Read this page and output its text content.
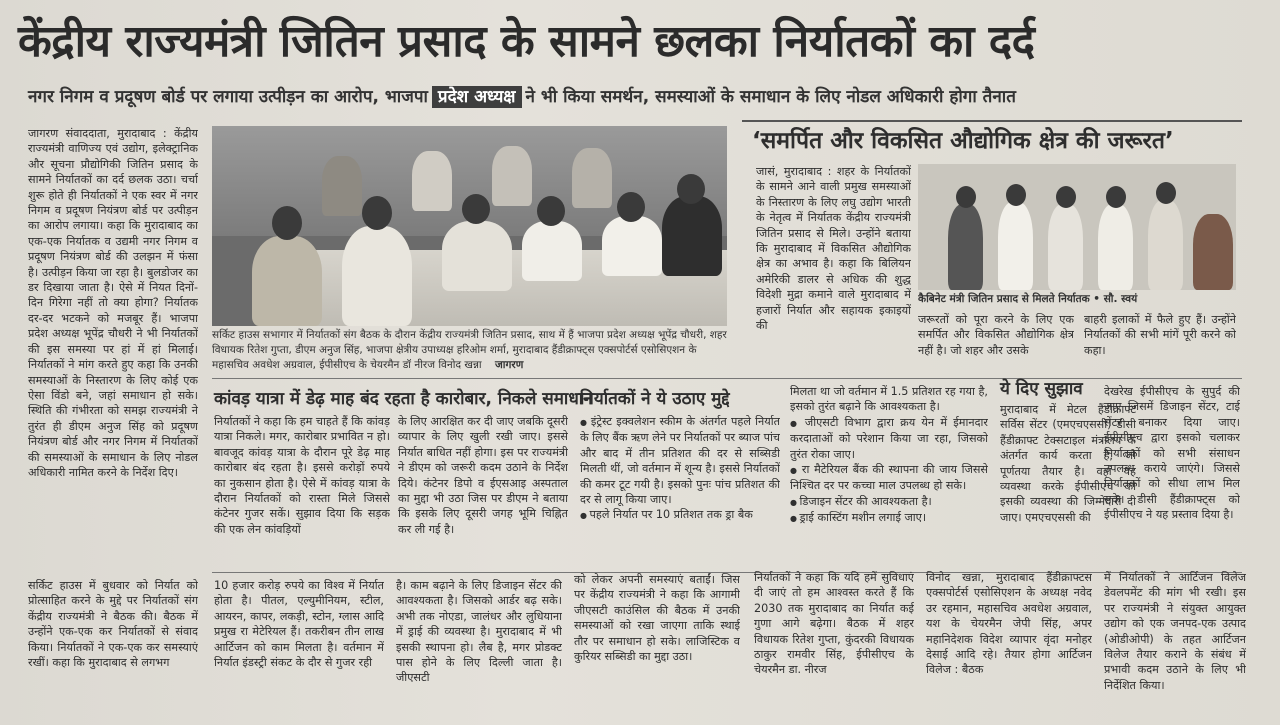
केंद्रीय राज्यमंत्री जितिन प्रसाद के सामने छलका निर्यातकों का दर्द
नगर निगम व प्रदूषण बोर्ड पर लगाया उत्पीड़न का आरोप, भाजपा प्रदेश अध्यक्ष ने भी किया समर्थन, समस्याओं के समाधान के लिए नोडल अधिकारी होगा तैनात
जागरण संवाददाता, मुरादाबाद : केंद्रीय राज्यमंत्री वाणिज्य एवं उद्योग, इलेक्ट्रानिक और सूचना प्रौद्योगिकी जितिन प्रसाद के सामने निर्यातकों का दर्द छलक उठा। चर्चा शुरू होते ही निर्यातकों ने एक स्वर में नगर निगम व प्रदूषण नियंत्रण बोर्ड पर उत्पीड़न का आरोप लगाया। कहा कि मुरादाबाद का एक-एक निर्यातक व उद्यमी नगर निगम व प्रदूषण नियंत्रण बोर्ड की उलझन में फंसा है। उत्पीड़न किया जा रहा है। बुलडोजर का डर दिखाया जाता है। ऐसे में नियत दिनों-दिन गिरेगा नहीं तो क्या होगा? निर्यातक दर-दर भटकने को मजबूर हैं। भाजपा प्रदेश अध्यक्ष भूपेंद्र चौधरी ने भी निर्यातकों की इस समस्या पर हां में हां मिलाई। निर्यातकों ने मांग करते हुए कहा कि उनकी समस्याओं के निस्तारण के लिए कोई एक ऐसा विंडो बने, जहां समाधान हो सके। स्थिति की गंभीरता को समझ राज्यमंत्री ने तुरंत ही डीएम अनुज सिंह को प्रदूषण नियंत्रण बोर्ड और नगर निगम में निर्यातकों की समस्याओं के समाधान के लिए नोडल अधिकारी नामित करने के निर्देश दिए।
सर्किट हाउस में बुधवार को निर्यात को प्रोत्साहित करने के मुद्दे पर निर्यातकों संग केंद्रीय राज्यमंत्री ने बैठक की। बैठक में उन्होंने एक-एक कर निर्यातकों से संवाद किया। निर्यातकों ने एक-एक कर समस्याएं रखीं। कहा कि मुरादाबाद से लगभग
सर्किट हाउस सभागार में निर्यातकों संग बैठक के दौरान केंद्रीय राज्यमंत्री जितिन प्रसाद, साथ में हैं भाजपा प्रदेश अध्यक्ष भूपेंद्र चौधरी, शहर विधायक रितेश गुप्ता, डीएम अनुज सिंह, भाजपा क्षेत्रीय उपाध्यक्ष हरिओम शर्मा, मुरादाबाद हैंडीक्राफ्ट्स एक्सपोर्टर्स एसोसिएशन के महासचिव अवधेश अग्रवाल, ईपीसीएच के चेयरमैन डॉ नीरज विनोद खन्ना जागरण
‘समर्पित और विकसित औद्योगिक क्षेत्र की जरूरत’
जासं, मुरादाबाद : शहर के निर्यातकों के सामने आने वाली प्रमुख समस्याओं के निस्तारण के लिए लघु उद्योग भारती के नेतृत्व में निर्यातक केंद्रीय राज्यमंत्री जितिन प्रसाद से मिले। उन्होंने बताया कि मुरादाबाद में विकसित औद्योगिक क्षेत्र का अभाव है। कहा कि बिलियन अमेरिकी डालर से अधिक की शुद्ध विदेशी मुद्रा कमाने वाले मुरादाबाद में हजारों निर्यात और सहायक इकाइयों की
कैबिनेट मंत्री जितिन प्रसाद से मिलते निर्यातक • सौ. स्वयं
जरूरतों को पूरा करने के लिए एक समर्पित और विकसित औद्योगिक क्षेत्र नहीं है। जो शहर और उसके
बाहरी इलाकों में फैले हुए हैं। उन्होंने निर्यातकों की सभी मांगें पूरी करने को कहा।
कांवड़ यात्रा में डेढ़ माह बंद रहता है कारोबार, निकले समाधान
निर्यातकों ने कहा कि हम चाहते हैं कि कांवड़ यात्रा निकले। मगर, कारोबार प्रभावित न हो। बावजूद कांवड़ यात्रा के दौरान पूरे डेढ़ माह कारोबार बंद रहता है। इससे करोड़ों रुपये का नुकसान होता है। ऐसे में कांवड़ यात्रा के दौरान निर्यातकों को रास्ता मिले जिससे कंटेनर गुजर सकें। सुझाव दिया कि सड़क की एक लेन कांवड़ियों
के लिए आरक्षित कर दी जाए जबकि दूसरी व्यापार के लिए खुली रखी जाए। इससे निर्यात बाधित नहीं होगा। इस पर राज्यमंत्री ने डीएम को जरूरी कदम उठाने के निर्देश दिये। कंटेनर डिपो व ईएसआइ अस्पताल का मुद्दा भी उठा जिस पर डीएम ने बताया कि इसके लिए दूसरी जगह भूमि चिह्नित कर ली गई है।
निर्यातकों ने ये उठाए मुद्दे
● इंट्रेस्ट इक्वलेशन स्कीम के अंतर्गत पहले निर्यात के लिए बैंक ऋण लेने पर निर्यातकों पर ब्याज पांच और बाद में तीन प्रतिशत की दर से सब्सिडी मिलती थीं, जो वर्तमान में शून्य है। इससे निर्यातकों की कमर टूट गयी है। इसको पुनः पांच प्रतिशत की दर से लागू किया जाए।
● पहले निर्यात पर 10 प्रतिशत तक ड्रा बैक
मिलता था जो वर्तमान में 1.5 प्रतिशत रह गया है, इसको तुरंत बढ़ाने कि आवश्यकता है।
● जीएसटी विभाग द्वारा क्रय येन में ईमानदार करदाताओं को परेशान किया जा रहा, जिसको तुरंत रोका जाए।
● रा मैटेरियल बैंक की स्थापना की जाय जिससे निश्चित दर पर कच्चा माल उपलब्ध हो सके।
● डिजाइन सेंटर की आवश्यकता है।
● ड्राई कास्टिंग मशीन लगाई जाए।
ये दिए सुझाव
मुरादाबाद में मेटल हैंडीक्राफ्ट सर्विस सेंटर (एमएचएससी) डीसी हैंडीक्राफ्ट टेक्सटाइल मंत्रालय के अंतर्गत कार्य करता है, जो पूर्णतया तैयार है। वहां यह व्यवस्था करके ईपीसीएच को इसकी व्यवस्था की जिम्मेदारी दी जाए। एमएचएससी की
देखरेख ईपीसीएच के सुपुर्द की जाए जिसमें डिजाइन सेंटर, टाई सेंटर बनाकर दिया जाए। ईपीसीएच द्वारा इसको चलाकर निर्यातकों को सभी संसाधन उपलब्ध कराये जाएंगे। जिससे निर्यातकों को सीधा लाभ मिल सके। डीसी हैंडीक्राफ्ट्स को ईपीसीएच ने यह प्रस्ताव दिया है।
10 हजार करोड़ रुपये का विश्व में निर्यात होता है। पीतल, एल्युमीनियम, स्टील, आयरन, कापर, लकड़ी, स्टोन, ग्लास आदि प्रमुख रा मेटेरियल हैं। तकरीबन तीन लाख आर्टिजन को काम मिलता है। वर्तमान में निर्यात इंडस्ट्री संकट के दौर से गुजर रही
है। काम बढ़ाने के लिए डिजाइन सेंटर की आवश्यकता है। जिसको आर्डर बढ़ सके। अभी तक नोएडा, जालंधर और लुधियाना में ड्राई की व्यवस्था है। मुरादाबाद में भी इसकी स्थापना हो। लैब है, मगर प्रोडक्ट पास होने के लिए दिल्ली जाता है। जीएसटी
को लेकर अपनी समस्याएं बताईं। जिस पर केंद्रीय राज्यमंत्री ने कहा कि आगामी जीएसटी काउंसिल की बैठक में उनकी समस्याओं को रखा जाएगा ताकि स्थाई तौर पर समाधान हो सके। लाजिस्टिक व कुरियर सब्सिडी का मुद्दा उठा।
निर्यातकों ने कहा कि यदि हमें सुविधाएं दी जाएं तो हम आश्वस्त करते हैं कि 2030 तक मुरादाबाद का निर्यात कई गुणा आगे बढ़ेगा। बैठक में शहर विधायक रितेश गुप्ता, कुंदरकी विधायक ठाकुर रामवीर सिंह, ईपीसीएच के चेयरमैन डा. नीरज
विनोद खन्ना, मुरादाबाद हैंडीक्राफ्टस एक्सपोर्टर्स एसोसिएशन के अध्यक्ष नवेद उर रहमान, महासचिव अवधेश अग्रवाल, यश के चेयरमैन जेपी सिंह, अपर महानिदेशक विदेश व्यापार वृंदा मनोहर देसाई आदि रहे। तैयार होगा आर्टिजन विलेज : बैठक
में निर्यातकों ने आर्टिजन विलेज डेवलपमेंट की मांग भी रखी। इस पर राज्यमंत्री ने संयुक्त आयुक्त उद्योग को एक जनपद-एक उत्पाद (ओडीओपी) के तहत आर्टिजन विलेज तैयार कराने के संबंध में प्रभावी कदम उठाने के लिए भी निर्देशित किया।
